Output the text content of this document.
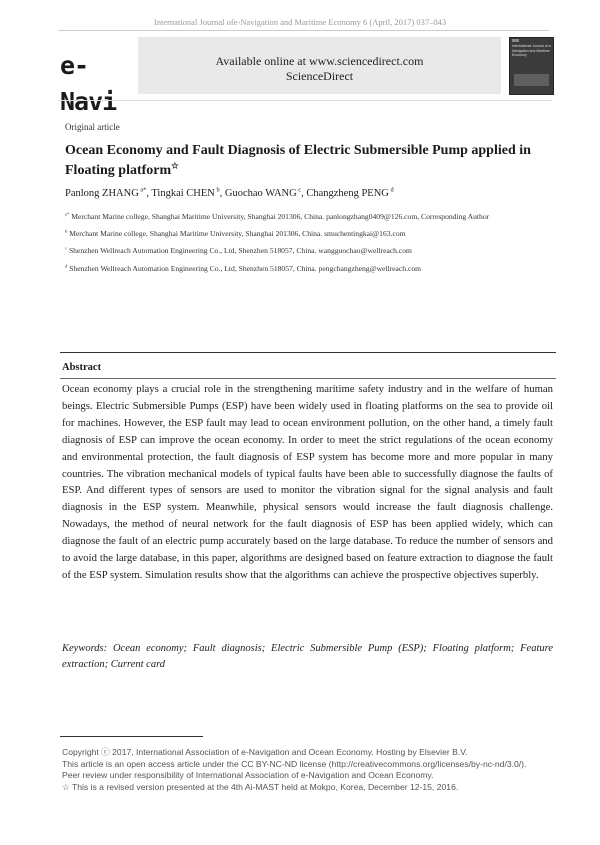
International Journal ofe-Navigation and Maritime Economy 6 (April, 2017) 037–043
e-Navi
Available online at www.sciencedirect.com
ScienceDirect
International Journal of e-Navigation and Maritime Economy
Original article
Ocean Economy and Fault Diagnosis of Electric Submersible Pump applied in Floating platform☆
Panlong ZHANG $^{a*}$, Tingkai CHEN $^b$, Guochao WANG $^c$, Changzheng PENG $^d$
$^{a*}$ Merchant Marine college, Shanghai Maritime University, Shanghai 201306, China. panlongzhang0409@126.com, Corresponding Author
$^b$ Merchant Marine college, Shanghai Maritime University, Shanghai 201306, China. smuchentingkai@163.com
$^c$ Shenzhen Wellreach Automation Engineering Co., Ltd, Shenzhen 518057, China. wangguochao@wellreach.com
$^d$ Shenzhen Wellreach Automation Engineering Co., Ltd, Shenzhen 518057, China. pengchangzheng@wellreach.com
Abstract
Ocean economy plays a crucial role in the strengthening maritime safety industry and in the welfare of human beings. Electric Submersible Pumps (ESP) have been widely used in floating platforms on the sea to provide oil for machines. However, the ESP fault may lead to ocean environment pollution, on the other hand, a timely fault diagnosis of ESP can improve the ocean economy. In order to meet the strict regulations of the ocean economy and environmental protection, the fault diagnosis of ESP system has become more and more popular in many countries. The vibration mechanical models of typical faults have been able to successfully diagnose the faults of ESP. And different types of sensors are used to monitor the vibration signal for the signal analysis and fault diagnosis in the ESP system. Meanwhile, physical sensors would increase the fault diagnosis challenge. Nowadays, the method of neural network for the fault diagnosis of ESP has been applied widely, which can diagnose the fault of an electric pump accurately based on the large database. To reduce the number of sensors and to avoid the large database, in this paper, algorithms are designed based on feature extraction to diagnose the fault of the ESP system. Simulation results show that the algorithms can achieve the prospective objectives superbly.
Keywords: Ocean economy; Fault diagnosis; Electric Submersible Pump (ESP); Floating platform; Feature extraction; Current card
Copyright ⓒ 2017, International Association of e-Navigation and Ocean Economy. Hosting by Elsevier B.V.
This article is an open access article under the CC BY-NC-ND license (http://creativecommons.org/licenses/by-nc-nd/3.0/).
Peer review under responsibility of International Association of e-Navigation and Ocean Economy.
☆ This is a revised version presented at the 4th Ai-MAST held at Mokpo, Korea, December 12-15, 2016.
